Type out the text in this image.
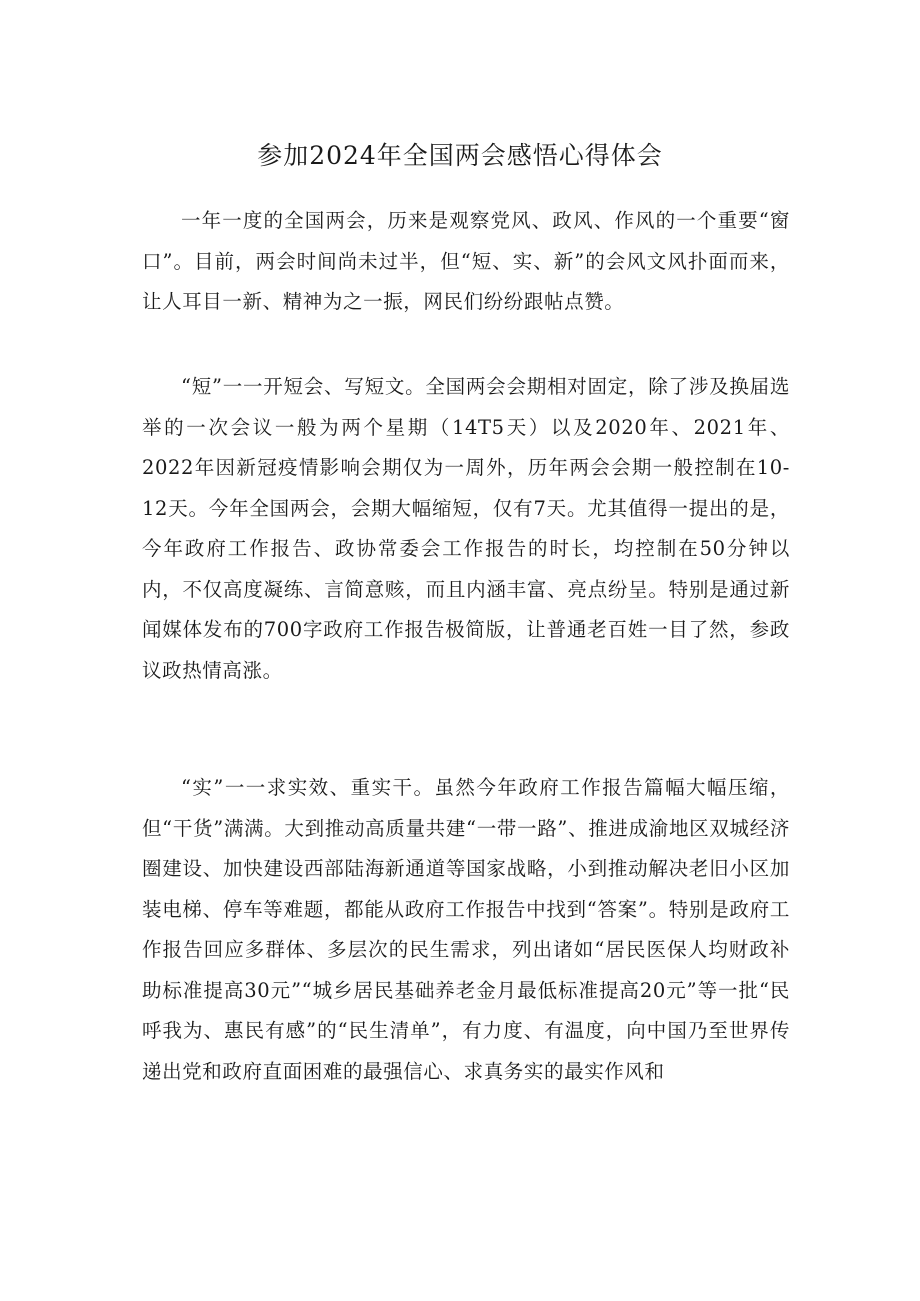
参加2024年全国两会感悟心得体会

一年一度的全国两会，历来是观察党风、政风、作风的一个重要“窗口”。目前，两会时间尚未过半，但“短、实、新”的会风文风扑面而来，让人耳目一新、精神为之一振，网民们纷纷跟帖点赞。

“短”一一开短会、写短文。全国两会会期相对固定，除了涉及换届选举的一次会议一般为两个星期（14T5天）以及2020年、2021年、2022年因新冠疫情影响会期仅为一周外，历年两会会期一般控制在10-12天。今年全国两会，会期大幅缩短，仅有7天。尤其值得一提出的是，今年政府工作报告、政协常委会工作报告的时长，均控制在50分钟以内，不仅高度凝练、言简意赅，而且内涵丰富、亮点纷呈。特别是通过新闻媒体发布的700字政府工作报告极简版，让普通老百姓一目了然，参政议政热情高涨。

“实”一一求实效、重实干。虽然今年政府工作报告篇幅大幅压缩，但“干货”满满。大到推动高质量共建“一带一路”、推进成渝地区双城经济圈建设、加快建设西部陆海新通道等国家战略，小到推动解决老旧小区加装电梯、停车等难题，都能从政府工作报告中找到“答案”。特别是政府工作报告回应多群体、多层次的民生需求，列出诸如“居民医保人均财政补助标准提高30元”“城乡居民基础养老金月最低标准提高20元”等一批“民呼我为、惠民有感”的“民生清单”，有力度、有温度，向中国乃至世界传递出党和政府直面困难的最强信心、求真务实的最实作风和
